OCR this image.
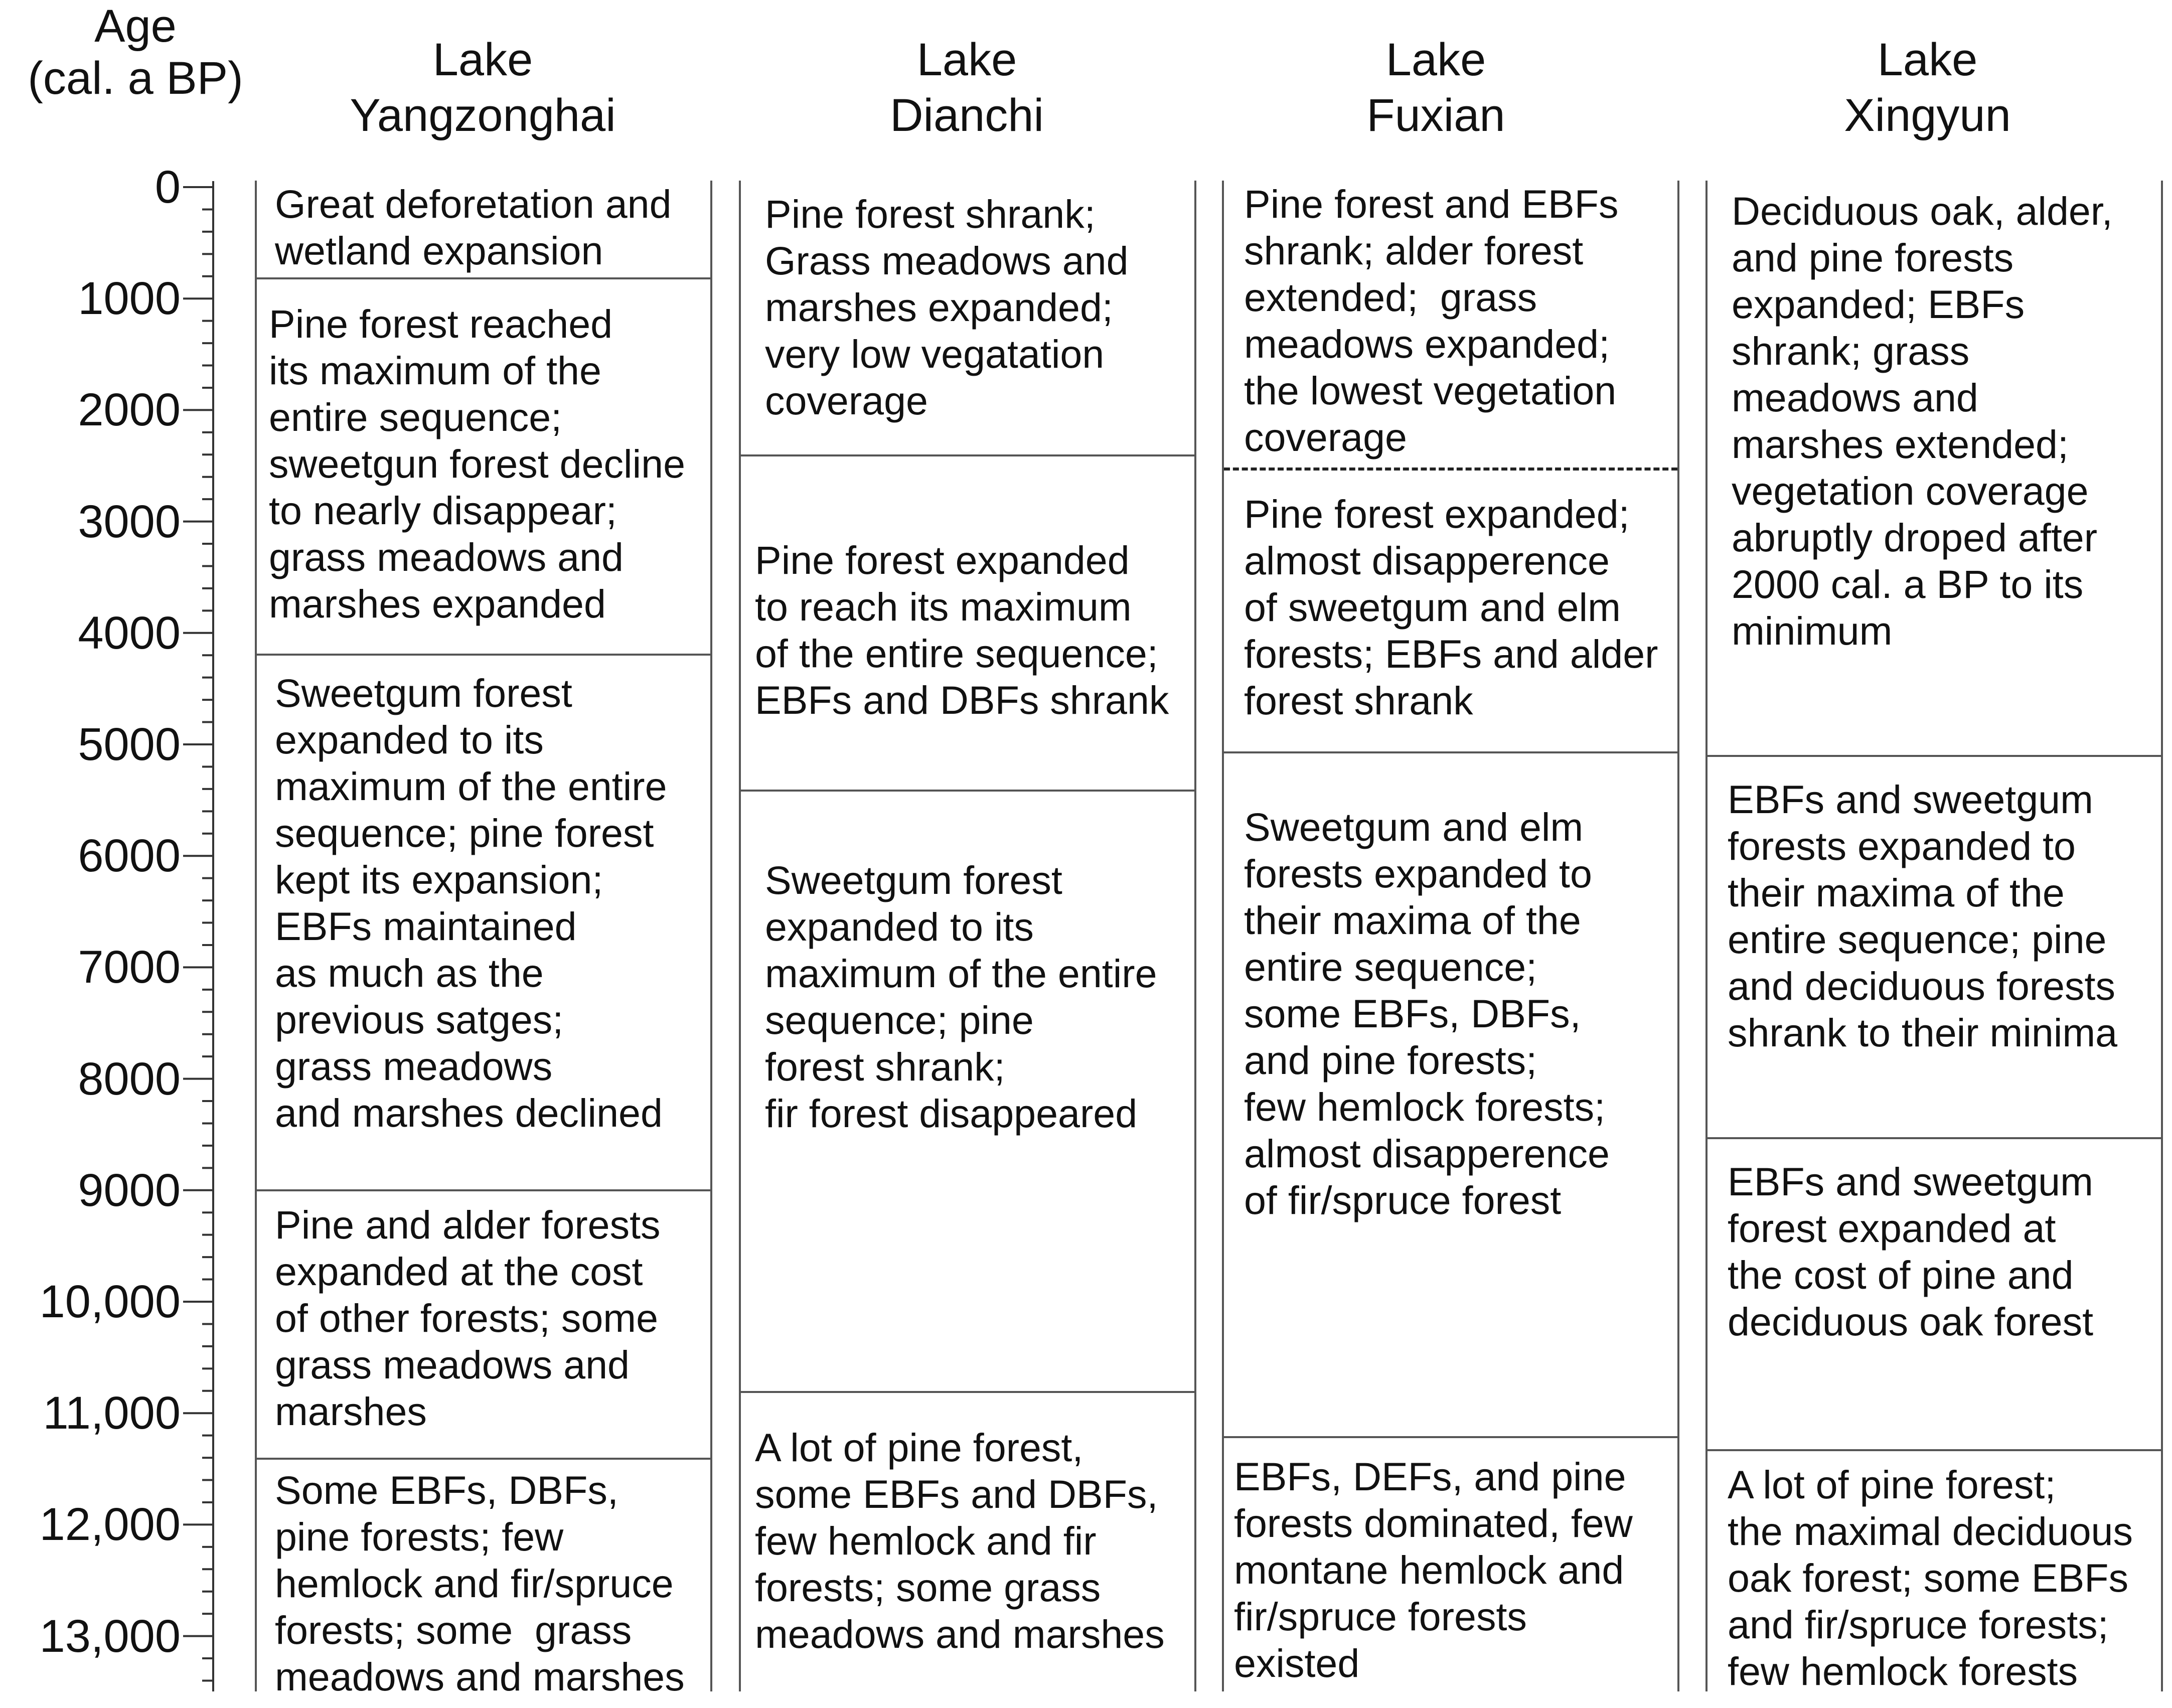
Age
(cal. a BP)	Lake
Yangzonghai
Lake
Dianchi
Lake
Fuxian
Lake
Xingyun
0
1000
2000
3000
4000
5000
6000
7000
8000
9000
10,000
11,000
12,000
13,000
Great deforetation and
wetland expansion
Pine forest reached
its maximum of the
entire sequence;
sweetgun forest decline
to nearly disappear;
grass meadows and
marshes expanded
Sweetgum forest
expanded to its
maximum of the entire
sequence; pine forest
kept its expansion;
EBFs maintained
as much as the
previous satges;
grass meadows
and marshes declined
Pine and alder forests
expanded at the cost
of other forests; some
grass meadows and
marshes
Some EBFs, DBFs,
pine forests; few
hemlock and fir/spruce
forests; some  grass
meadows and marshes
Pine forest shrank;
Grass meadows and
marshes expanded;
very low vegatation
coverage
Pine forest expanded
to reach its maximum
of the entire sequence;
EBFs and DBFs shrank
Sweetgum forest
expanded to its
maximum of the entire
sequence; pine
forest shrank;
fir forest disappeared
A lot of pine forest,
some EBFs and DBFs,
few hemlock and fir
forests; some grass
meadows and marshes
Pine forest and EBFs
shrank; alder forest
extended;  grass
meadows expanded;
the lowest vegetation
coverage
Pine forest expanded;
almost disapperence
of sweetgum and elm
forests; EBFs and alder
forest shrank
Sweetgum and elm
forests expanded to
their maxima of the
entire sequence;
some EBFs, DBFs,
and pine forests;
few hemlock forests;
almost disapperence
of fir/spruce forest
EBFs, DEFs, and pine
forests dominated, few
montane hemlock and
fir/spruce forests
existed
Deciduous oak, alder,
and pine forests
expanded; EBFs
shrank; grass
meadows and
marshes extended;
vegetation coverage
abruptly droped after
2000 cal. a BP to its
minimum
EBFs and sweetgum
forests expanded to
their maxima of the
entire sequence; pine
and deciduous forests
shrank to their minima
EBFs and sweetgum
forest expanded at
the cost of pine and
deciduous oak forest
A lot of pine forest;
the maximal deciduous
oak forest; some EBFs
and fir/spruce forests;
few hemlock forests
